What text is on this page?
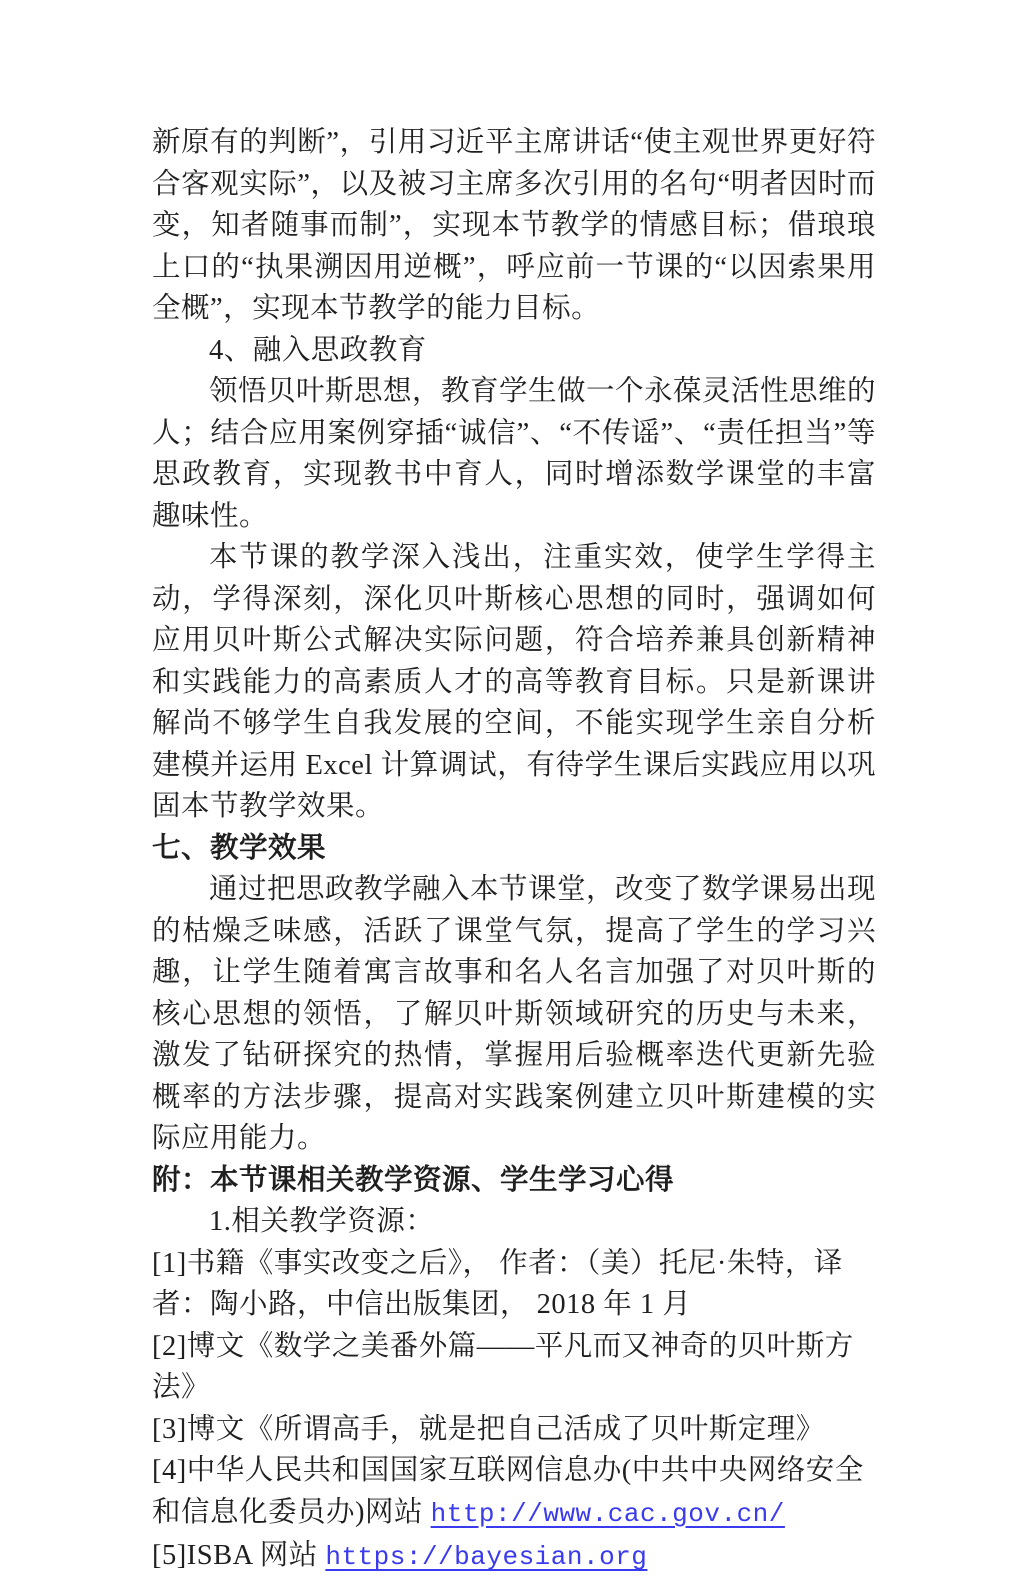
新原有的判断”，引用习近平主席讲话“使主观世界更好符合客观实际”，以及被习主席多次引用的名句“明者因时而变，知者随事而制”，实现本节教学的情感目标；借琅琅上口的“执果溯因用逆概”，呼应前一节课的“以因索果用全概”，实现本节教学的能力目标。

4、融入思政教育

领悟贝叶斯思想，教育学生做一个永葆灵活性思维的人；结合应用案例穿插“诚信”、“不传谣”、“责任担当”等思政教育，实现教书中育人，同时增添数学课堂的丰富趣味性。

本节课的教学深入浅出，注重实效，使学生学得主动，学得深刻，深化贝叶斯核心思想的同时，强调如何应用贝叶斯公式解决实际问题，符合培养兼具创新精神和实践能力的高素质人才的高等教育目标。只是新课讲解尚不够学生自我发展的空间，不能实现学生亲自分析建模并运用 Excel 计算调试，有待学生课后实践应用以巩固本节教学效果。

七、教学效果

通过把思政教学融入本节课堂，改变了数学课易出现的枯燥乏味感，活跃了课堂气氛，提高了学生的学习兴趣，让学生随着寓言故事和名人名言加强了对贝叶斯的核心思想的领悟，了解贝叶斯领域研究的历史与未来，激发了钻研探究的热情，掌握用后验概率迭代更新先验概率的方法步骤，提高对实践案例建立贝叶斯建模的实际应用能力。

附：本节课相关教学资源、学生学习心得

1.相关教学资源：

[1]书籍《事实改变之后》， 作者：（美）托尼·朱特，译者：陶小路，中信出版集团， 2018 年 1 月

[2]博文《数学之美番外篇——平凡而又神奇的贝叶斯方法》

[3]博文《所谓高手，就是把自己活成了贝叶斯定理》

[4]中华人民共和国国家互联网信息办(中共中央网络安全和信息化委员办)网站 http://www.cac.gov.cn/

[5]ISBA 网站 https://bayesian.org
